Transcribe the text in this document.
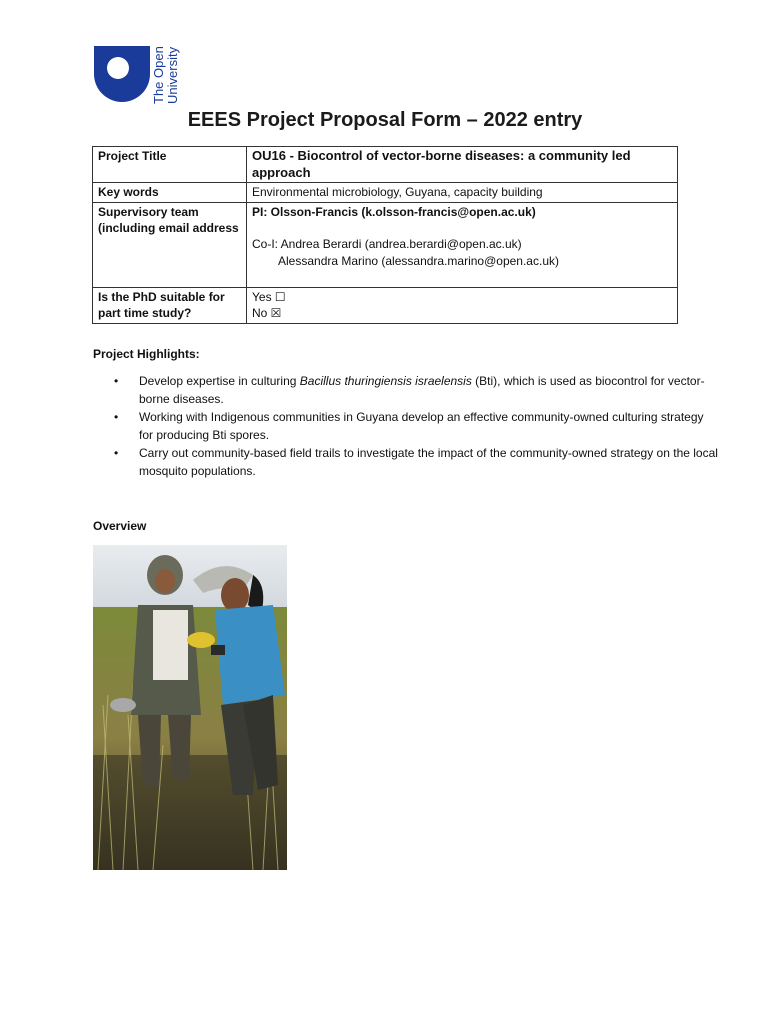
The Open University
EEES Project Proposal Form – 2022 entry
Project Title	OU16 - Biocontrol of vector-borne diseases: a community led approach
Key words	Environmental microbiology, Guyana, capacity building
Supervisory team (including email address	PI: Olsson-Francis (k.olsson-francis@open.ac.uk)
Co-I: Andrea Berardi (andrea.berardi@open.ac.uk)
Alessandra Marino (alessandra.marino@open.ac.uk)

Is the PhD suitable for part time study?	Yes ☐
No ☒
Project Highlights:
• Develop expertise in culturing Bacillus thuringiensis israelensis (Bti), which is used as biocontrol for vector-borne diseases.
• Working with Indigenous communities in Guyana develop an effective community-owned culturing strategy for producing Bti spores.
• Carry out community-based field trails to investigate the impact of the community-owned strategy on the local mosquito populations.
Overview
